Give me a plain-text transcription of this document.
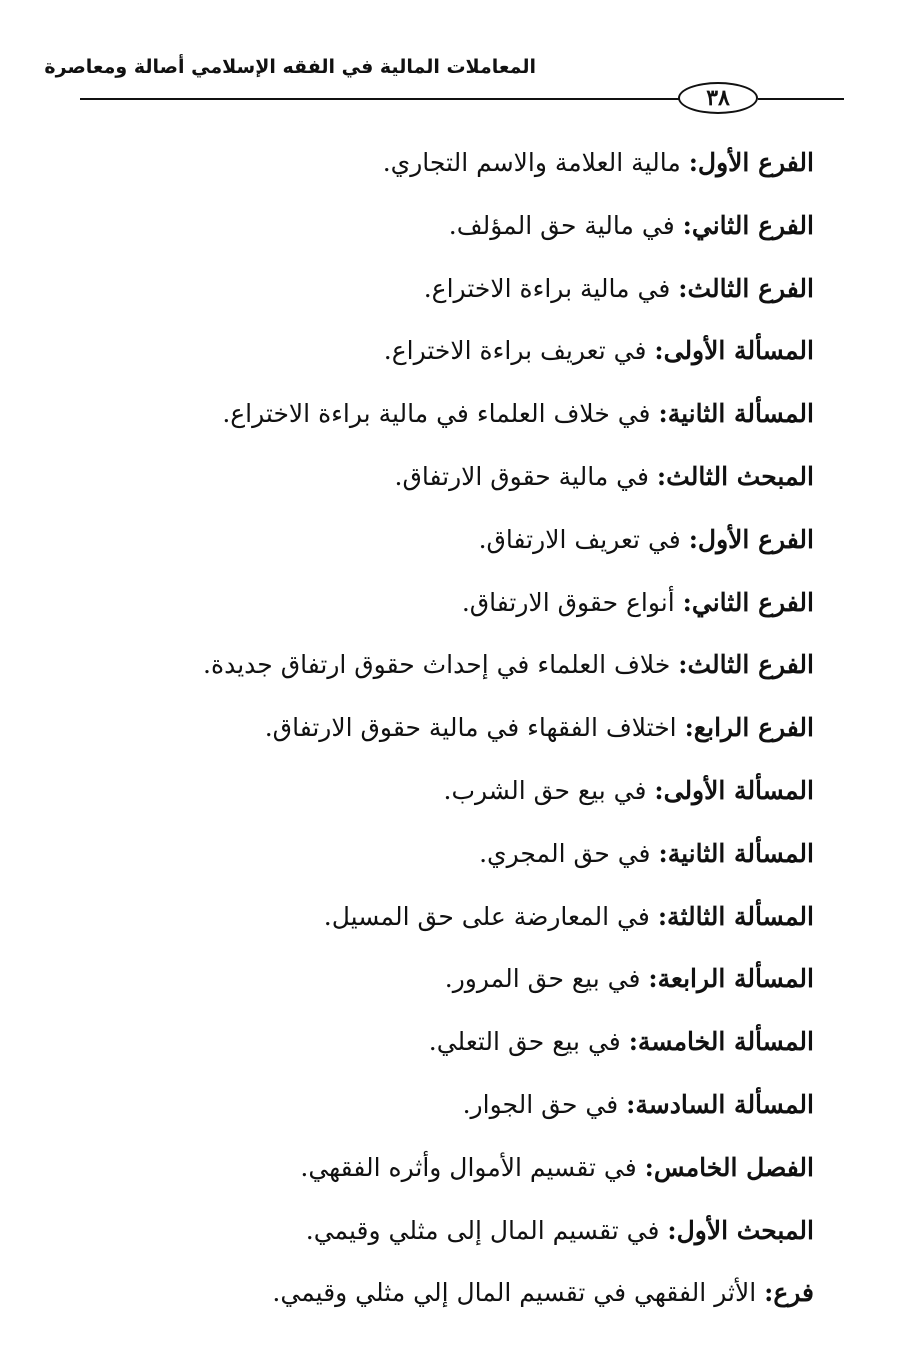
المعاملات المالية في الفقه الإسلامي أصالة ومعاصرة
٣٨
الفرع الأول: مالية العلامة والاسم التجاري.
الفرع الثاني: في مالية حق المؤلف.
الفرع الثالث: في مالية براءة الاختراع.
المسألة الأولى: في تعريف براءة الاختراع.
المسألة الثانية: في خلاف العلماء في مالية براءة الاختراع.
المبحث الثالث: في مالية حقوق الارتفاق.
الفرع الأول: في تعريف الارتفاق.
الفرع الثاني: أنواع حقوق الارتفاق.
الفرع الثالث: خلاف العلماء في إحداث حقوق ارتفاق جديدة.
الفرع الرابع: اختلاف الفقهاء في مالية حقوق الارتفاق.
المسألة الأولى: في بيع حق الشرب.
المسألة الثانية: في حق المجري.
المسألة الثالثة: في المعارضة على حق المسيل.
المسألة الرابعة: في بيع حق المرور.
المسألة الخامسة: في بيع حق التعلي.
المسألة السادسة: في حق الجوار.
الفصل الخامس: في تقسيم الأموال وأثره الفقهي.
المبحث الأول: في تقسيم المال إلى مثلي وقيمي.
فرع: الأثر الفقهي في تقسيم المال إلي مثلي وقيمي.
